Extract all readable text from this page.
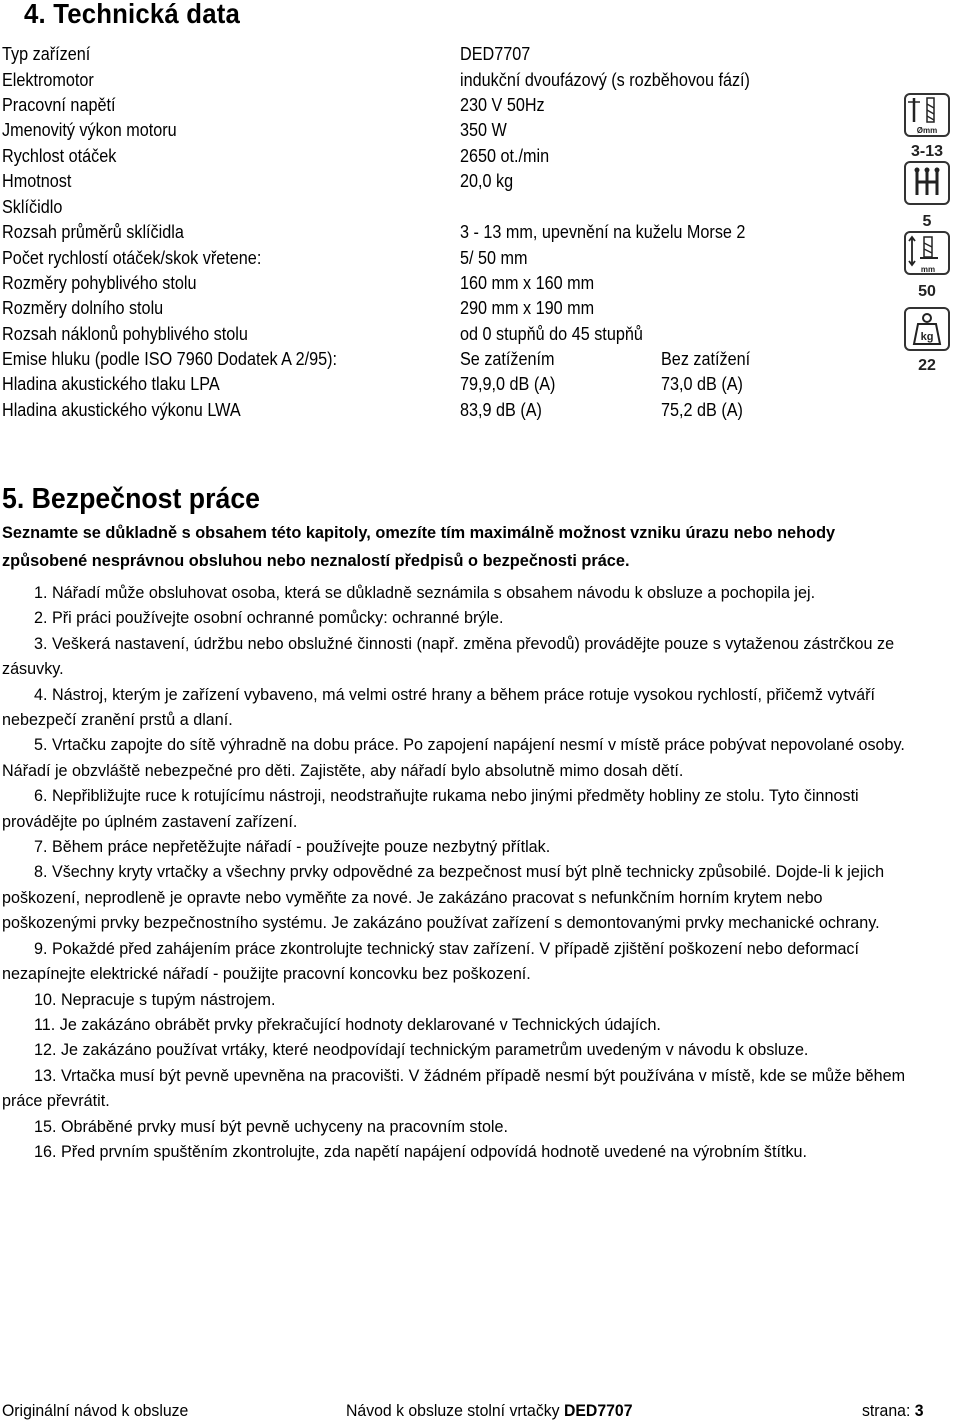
4. Technická data
Typ zařízení	DED7707
Elektromotor	indukční dvoufázový (s rozběhovou fází)
Pracovní napětí	230 V 50Hz
Jmenovitý výkon motoru	350 W
Rychlost otáček	2650 ot./min
Hmotnost	20,0 kg
Sklíčidlo
Rozsah průměrů sklíčidla	3 - 13 mm, upevnění na kuželu Morse 2
Počet rychlostí otáček/skok vřetene:	5/ 50 mm
Rozměry pohyblivého stolu	160 mm x 160 mm
Rozměry dolního stolu	290 mm x 190 mm
Rozsah náklonů pohyblivého stolu	od 0 stupňů do 45 stupňů
Emise hluku (podle ISO 7960 Dodatek A 2/95):	Se zatížením	Bez zatížení
Hladina akustického tlaku LPA	79,9,0 dB (A)	73,0 dB (A)
Hladina akustického výkonu LWA	83,9 dB (A)	75,2 dB (A)
Ømm
3-13
5
mm
50
kg
22
5. Bezpečnost práce
Seznamte se důkladně s obsahem této kapitoly, omezíte tím maximálně možnost vzniku úrazu nebo nehody
způsobené nesprávnou obsluhou nebo neznalostí předpisů o bezpečnosti práce.
1. Nářadí může obsluhovat osoba, která se důkladně seznámila s obsahem návodu k obsluze a pochopila jej.
2. Při práci používejte osobní ochranné pomůcky: ochranné brýle.
3. Veškerá nastavení, údržbu nebo obslužné činnosti (např. změna převodů) provádějte pouze s vytaženou zástrčkou ze
zásuvky.
4. Nástroj, kterým je zařízení vybaveno, má velmi ostré hrany a během práce rotuje vysokou rychlostí, přičemž vytváří
nebezpečí zranění prstů a dlaní.
5. Vrtačku zapojte do sítě výhradně na dobu práce. Po zapojení napájení nesmí v místě práce pobývat nepovolané osoby.
Nářadí je obzvláště nebezpečné pro děti. Zajistěte, aby nářadí bylo absolutně mimo dosah dětí.
6. Nepřibližujte ruce k rotujícímu nástroji, neodstraňujte rukama nebo jinými předměty hobliny ze stolu. Tyto činnosti
provádějte po úplném zastavení zařízení.
7. Během práce nepřetěžujte nářadí - používejte pouze nezbytný přítlak.
8. Všechny kryty vrtačky a všechny prvky odpovědné za bezpečnost musí být plně technicky způsobilé. Dojde-li k jejich
poškození, neprodleně je opravte nebo vyměňte za nové. Je zakázáno pracovat s nefunkčním horním krytem nebo
poškozenými prvky bezpečnostního systému. Je zakázáno používat zařízení s demontovanými prvky mechanické ochrany.
9. Pokaždé před zahájením práce zkontrolujte technický stav zařízení. V případě zjištění poškození nebo deformací
nezapínejte elektrické nářadí - použijte pracovní koncovku bez poškození.
10. Nepracuje s tupým nástrojem.
11. Je zakázáno obrábět prvky překračující hodnoty deklarované v Technických údajích.
12. Je zakázáno používat vrtáky, které neodpovídají technickým parametrům uvedeným v návodu k obsluze.
13. Vrtačka musí být pevně upevněna na pracovišti. V žádném případě nesmí být používána v místě, kde se může během
práce převrátit.
15. Obráběné prvky musí být pevně uchyceny na pracovním stole.
16. Před prvním spuštěním zkontrolujte, zda napětí napájení odpovídá hodnotě uvedené na výrobním štítku.
Originální návod k obsluze	Návod k obsluze stolní vrtačky DED7707	strana: 3
